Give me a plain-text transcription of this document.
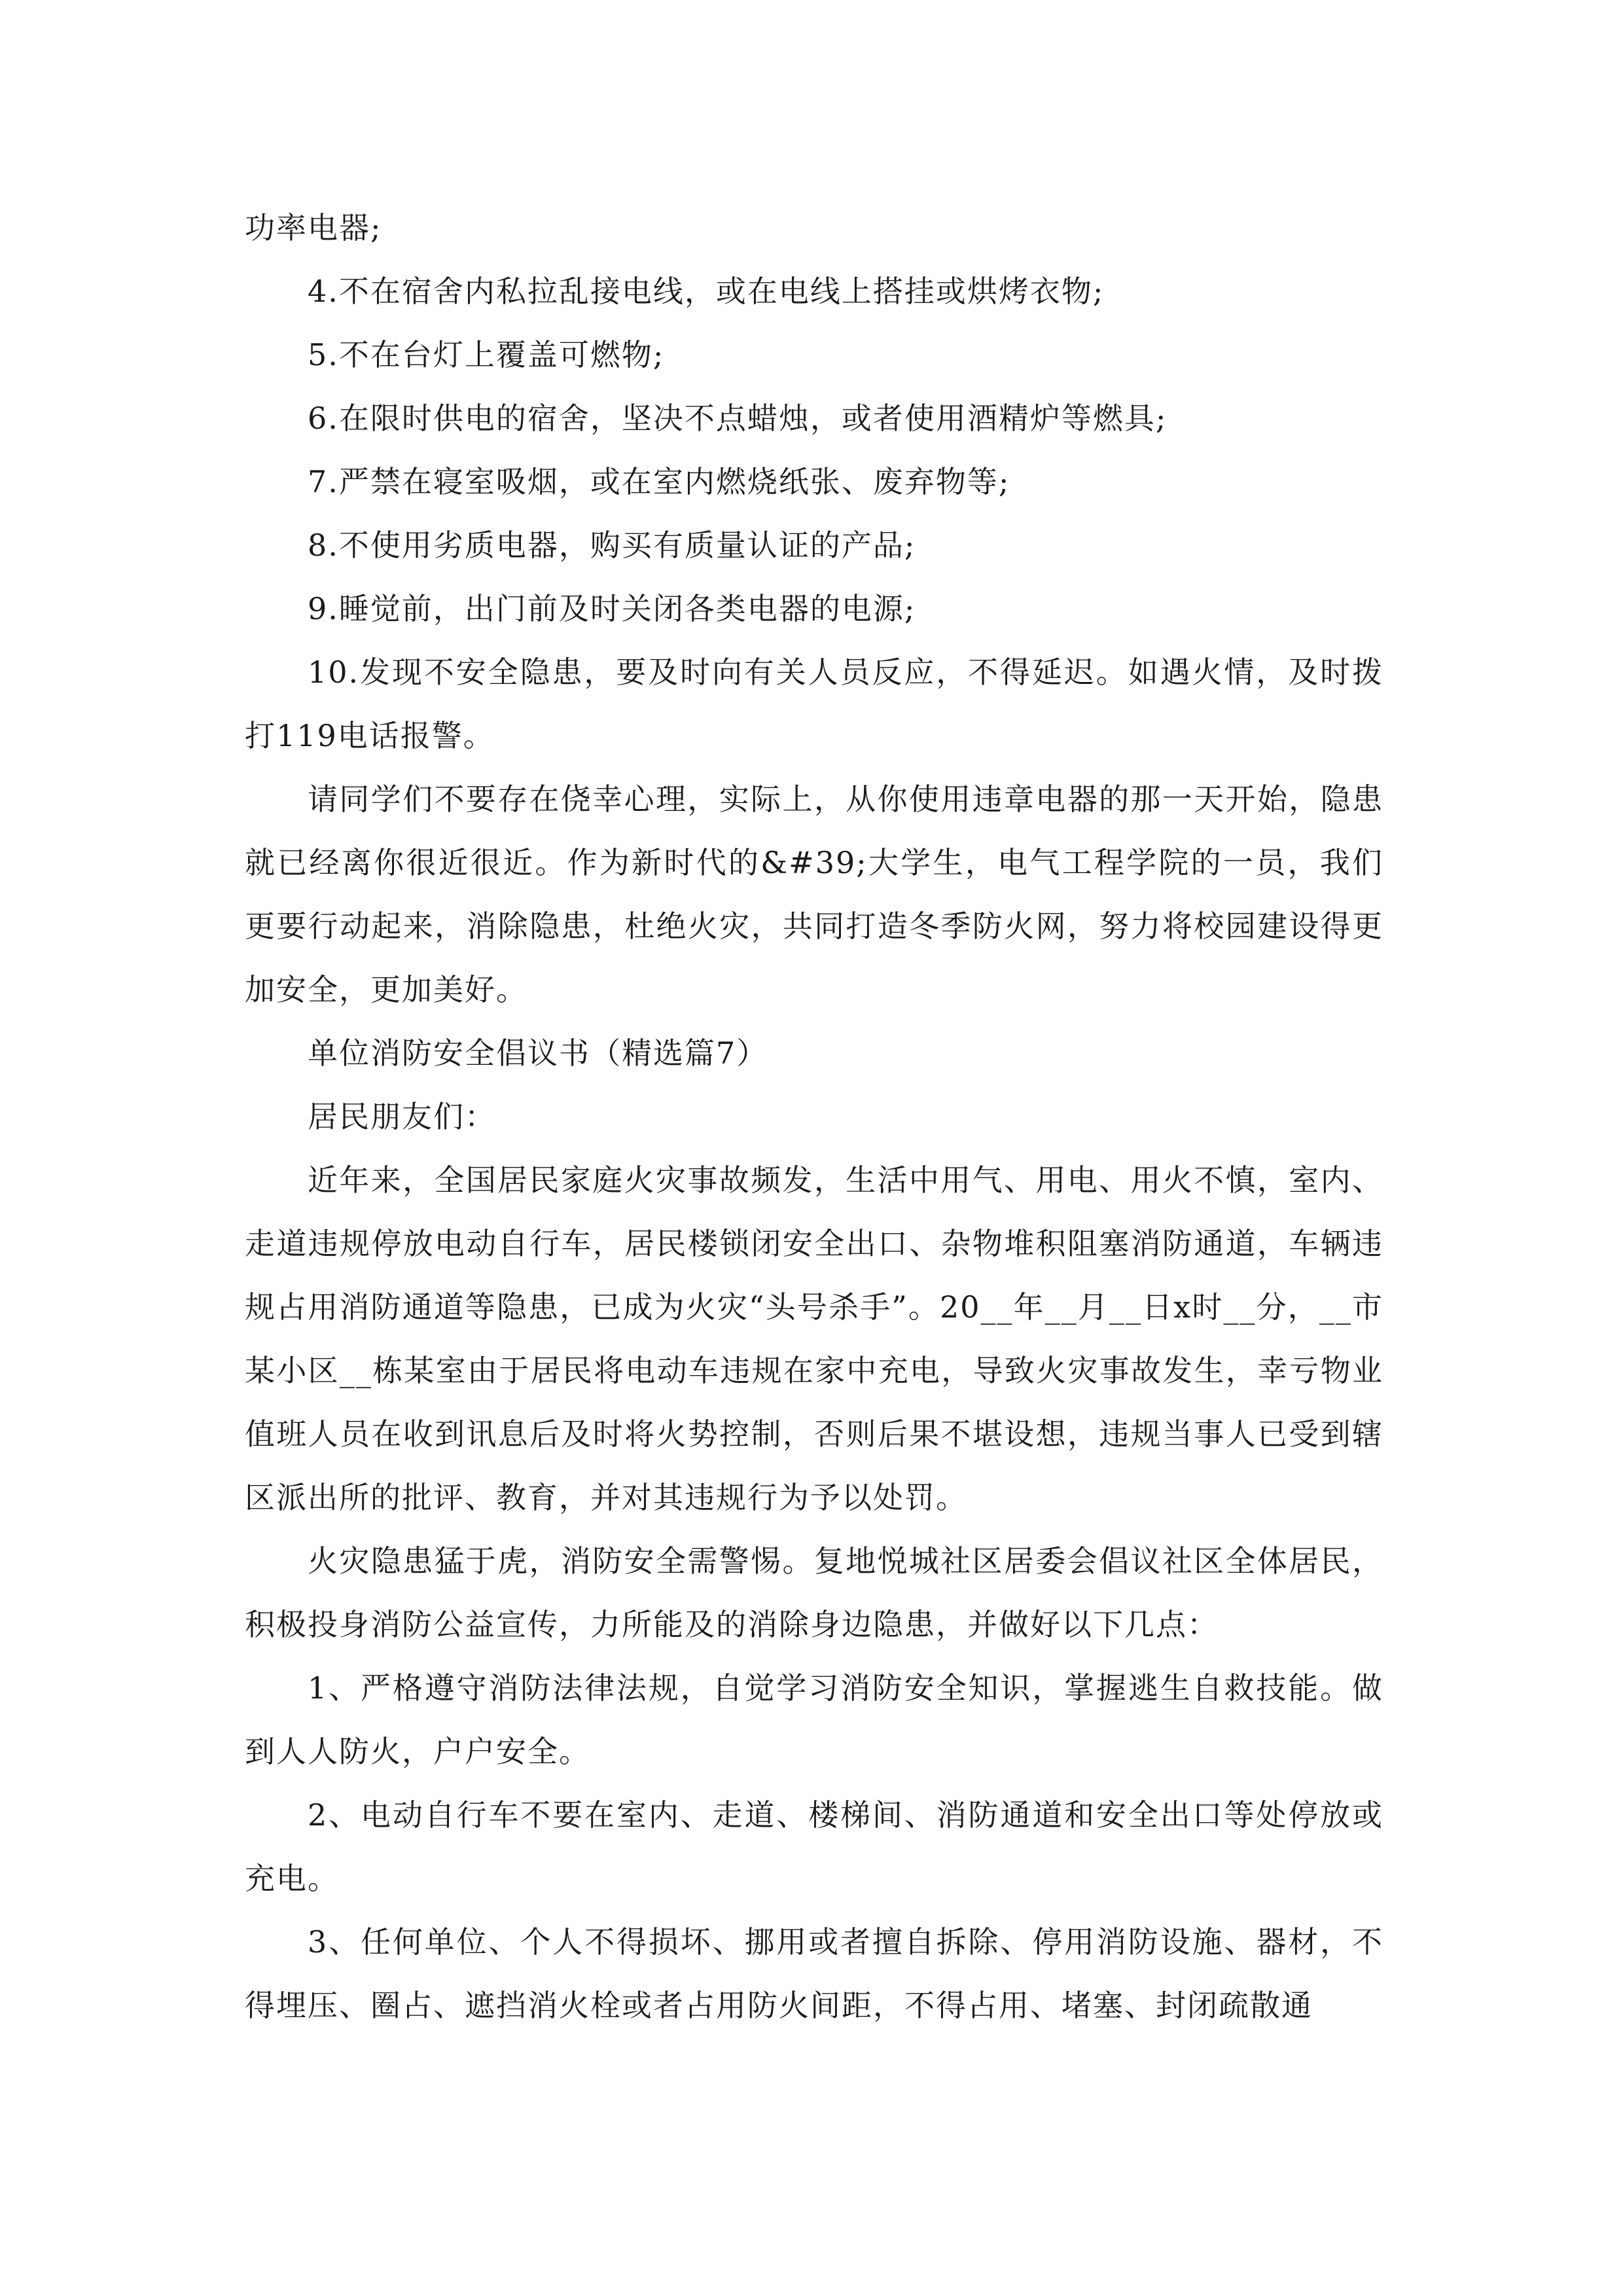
功率电器;

4.不在宿舍内私拉乱接电线，或在电线上搭挂或烘烤衣物;

5.不在台灯上覆盖可燃物;

6.在限时供电的宿舍，坚决不点蜡烛，或者使用酒精炉等燃具;

7.严禁在寝室吸烟，或在室内燃烧纸张、废弃物等;

8.不使用劣质电器，购买有质量认证的产品;

9.睡觉前，出门前及时关闭各类电器的电源;

10.发现不安全隐患，要及时向有关人员反应，不得延迟。如遇火情，及时拨打119电话报警。

请同学们不要存在侥幸心理，实际上，从你使用违章电器的那一天开始，隐患就已经离你很近很近。作为新时代的&#39;大学生，电气工程学院的一员，我们更要行动起来，消除隐患，杜绝火灾，共同打造冬季防火网，努力将校园建设得更加安全，更加美好。

单位消防安全倡议书（精选篇7）

居民朋友们：

近年来，全国居民家庭火灾事故频发，生活中用气、用电、用火不慎，室内、走道违规停放电动自行车，居民楼锁闭安全出口、杂物堆积阻塞消防通道，车辆违规占用消防通道等隐患，已成为火灾“头号杀手”。20__年__月__日x时__分，__市某小区__栋某室由于居民将电动车违规在家中充电，导致火灾事故发生，幸亏物业值班人员在收到讯息后及时将火势控制，否则后果不堪设想，违规当事人已受到辖区派出所的批评、教育，并对其违规行为予以处罚。

火灾隐患猛于虎，消防安全需警惕。复地悦城社区居委会倡议社区全体居民，积极投身消防公益宣传，力所能及的消除身边隐患，并做好以下几点：

1、严格遵守消防法律法规，自觉学习消防安全知识，掌握逃生自救技能。做到人人防火，户户安全。

2、电动自行车不要在室内、走道、楼梯间、消防通道和安全出口等处停放或充电。

3、任何单位、个人不得损坏、挪用或者擅自拆除、停用消防设施、器材，不得埋压、圈占、遮挡消火栓或者占用防火间距，不得占用、堵塞、封闭疏散通
